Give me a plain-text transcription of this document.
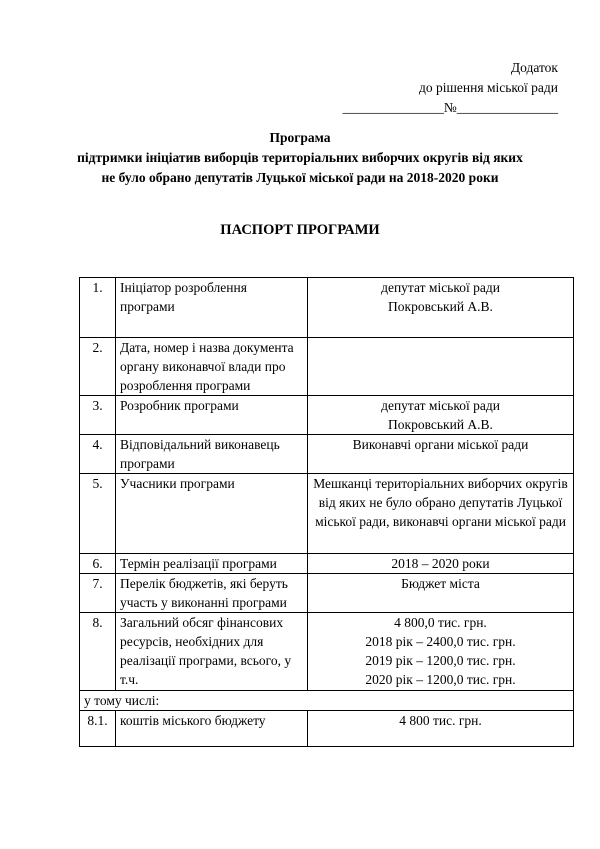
Додаток
до рішення міської ради
_______________№_______________
Програма
підтримки ініціатив виборців територіальних виборчих округів від яких
не було обрано депутатів Луцької міської ради на 2018-2020 роки
ПАСПОРТ ПРОГРАМИ
1.	Ініціатор розроблення програми	депутат міської ради
Покровський А.В.

2.	Дата, номер і назва документа органу виконавчої влади про розроблення програми	
3.	Розробник програми	депутат міської ради
Покровський А.В.

4.	Відповідальний виконавець програми	Виконавчі органи міської ради

5.	Учасники програми	Мешканці територіальних виборчих округів від яких не було обрано депутатів Луцької міської ради, виконавчі органи міської ради

6.	Термін реалізації програми	2018 – 2020 роки

7.	Перелік бюджетів, які беруть участь у виконанні програми	Бюджет міста

8.	Загальний обсяг фінансових ресурсів, необхідних для реалізації програми, всього, у т.ч.	4 800,0 тис. грн.
2018 рік – 2400,0 тис. грн.
2019 рік – 1200,0 тис. грн.
2020 рік – 1200,0 тис. грн.

у тому числі:		
8.1.	коштів міського бюджету	4 800 тис. грн.
